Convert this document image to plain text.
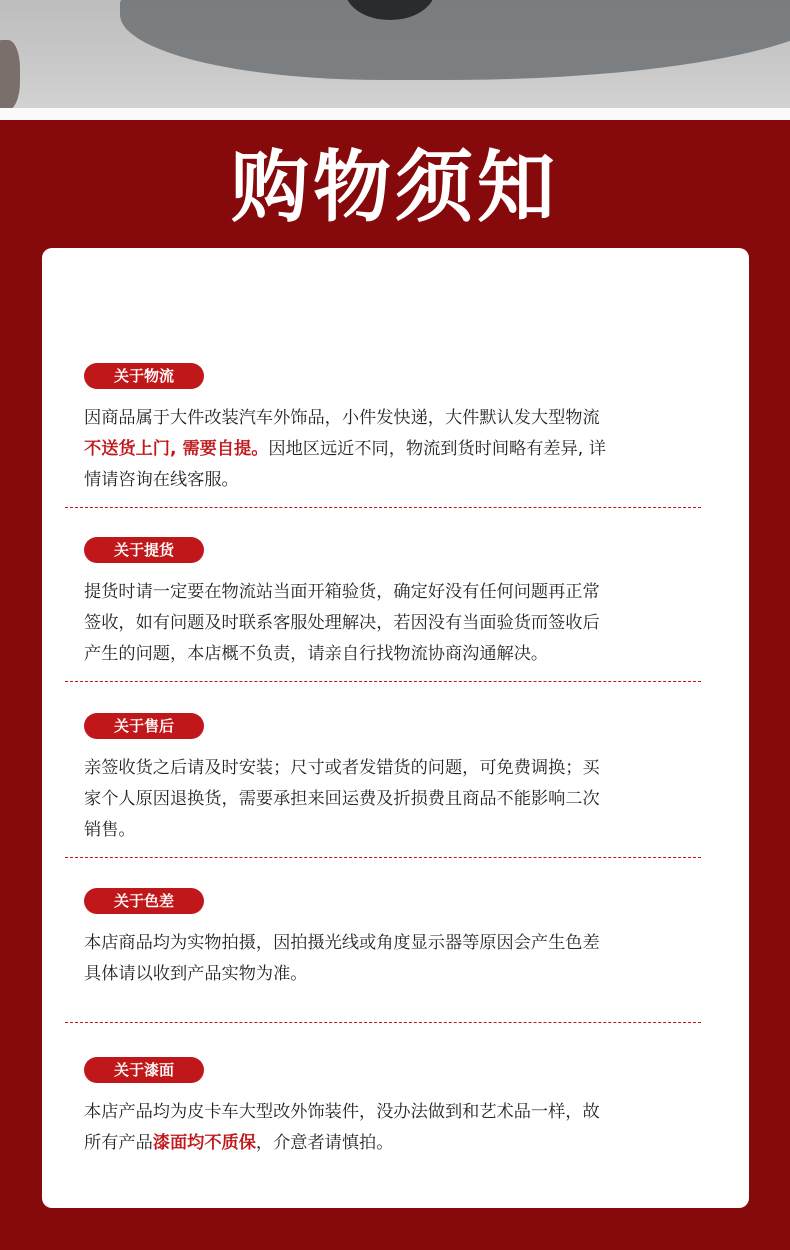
购物须知
关于物流
因商品属于大件改装汽车外饰品，小件发快递，大件默认发大型物流
不送货上门, 需要自提。因地区远近不同，物流到货时间略有差异, 详
情请咨询在线客服。
关于提货
提货时请一定要在物流站当面开箱验货，确定好没有任何问题再正常
签收，如有问题及时联系客服处理解决，若因没有当面验货而签收后
产生的问题，本店概不负责，请亲自行找物流协商沟通解决。
关于售后
亲签收货之后请及时安装；尺寸或者发错货的问题，可免费调换；买
家个人原因退换货，需要承担来回运费及折损费且商品不能影响二次
销售。
关于色差
本店商品均为实物拍摄，因拍摄光线或角度显示器等原因会产生色差
具体请以收到产品实物为准。
关于漆面
本店产品均为皮卡车大型改外饰装件，没办法做到和艺术品一样，故
所有产品漆面均不质保，介意者请慎拍。
